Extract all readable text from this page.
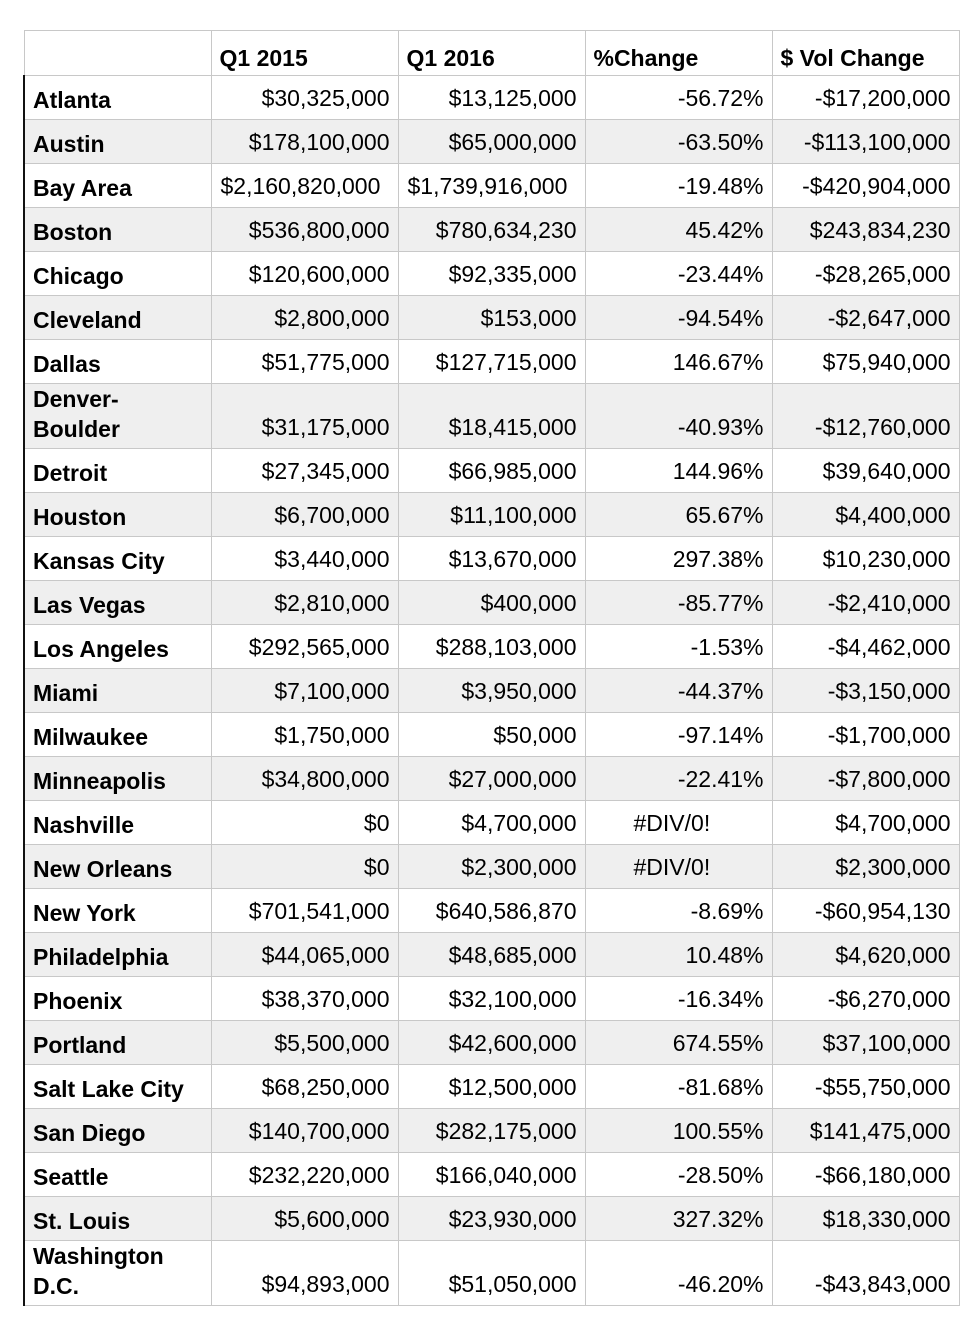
	Q1 2015	Q1 2016	%Change	$ Vol Change
Atlanta	$30,325,000	$13,125,000	-56.72%	-$17,200,000
Austin	$178,100,000	$65,000,000	-63.50%	-$113,100,000
Bay Area	$2,160,820,000	$1,739,916,000	-19.48%	-$420,904,000
Boston	$536,800,000	$780,634,230	45.42%	$243,834,230
Chicago	$120,600,000	$92,335,000	-23.44%	-$28,265,000
Cleveland	$2,800,000	$153,000	-94.54%	-$2,647,000
Dallas	$51,775,000	$127,715,000	146.67%	$75,940,000
Denver-Boulder	$31,175,000	$18,415,000	-40.93%	-$12,760,000
Detroit	$27,345,000	$66,985,000	144.96%	$39,640,000
Houston	$6,700,000	$11,100,000	65.67%	$4,400,000
Kansas City	$3,440,000	$13,670,000	297.38%	$10,230,000
Las Vegas	$2,810,000	$400,000	-85.77%	-$2,410,000
Los Angeles	$292,565,000	$288,103,000	-1.53%	-$4,462,000
Miami	$7,100,000	$3,950,000	-44.37%	-$3,150,000
Milwaukee	$1,750,000	$50,000	-97.14%	-$1,700,000
Minneapolis	$34,800,000	$27,000,000	-22.41%	-$7,800,000
Nashville	$0	$4,700,000	#DIV/0!	$4,700,000
New Orleans	$0	$2,300,000	#DIV/0!	$2,300,000
New York	$701,541,000	$640,586,870	-8.69%	-$60,954,130
Philadelphia	$44,065,000	$48,685,000	10.48%	$4,620,000
Phoenix	$38,370,000	$32,100,000	-16.34%	-$6,270,000
Portland	$5,500,000	$42,600,000	674.55%	$37,100,000
Salt Lake City	$68,250,000	$12,500,000	-81.68%	-$55,750,000
San Diego	$140,700,000	$282,175,000	100.55%	$141,475,000
Seattle	$232,220,000	$166,040,000	-28.50%	-$66,180,000
St. Louis	$5,600,000	$23,930,000	327.32%	$18,330,000
Washington D.C.	$94,893,000	$51,050,000	-46.20%	-$43,843,000
